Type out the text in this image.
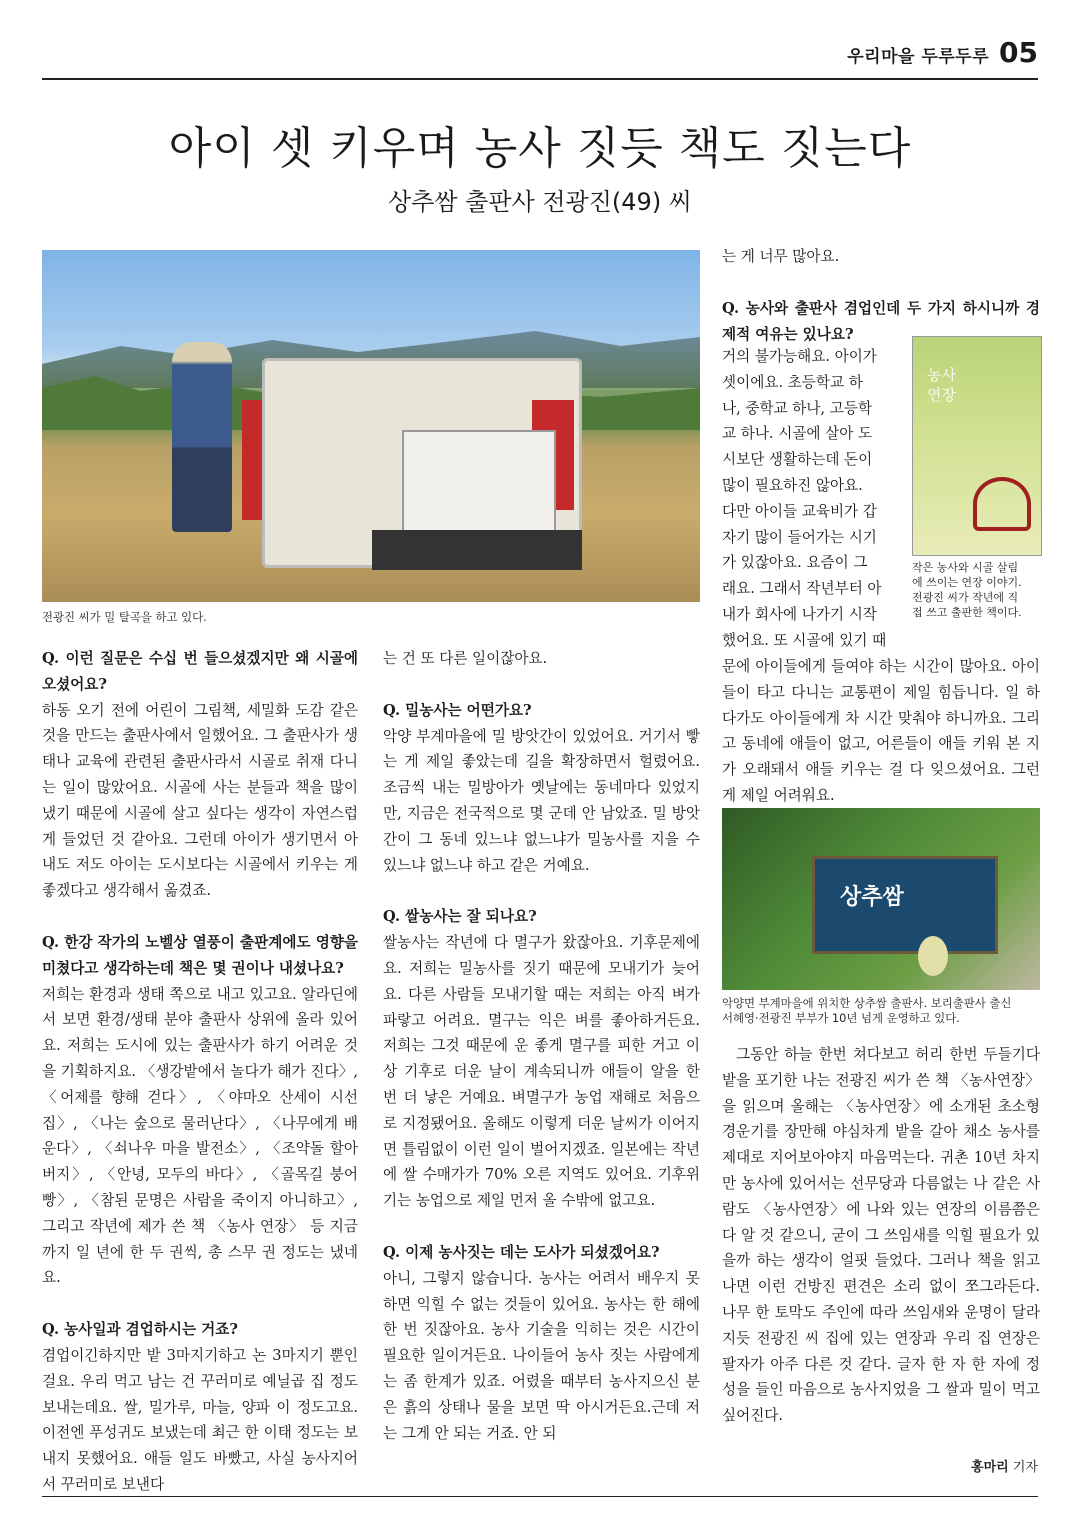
우리마을 두루두루 05
아이 셋 키우며 농사 짓듯 책도 짓는다
상추쌈 출판사 전광진(49) 씨
전광진 씨가 밀 탈곡을 하고 있다.

Q. 이런 질문은 수십 번 들으셨겠지만 왜 시골에 오셨어요?

하동 오기 전에 어린이 그림책, 세밀화 도감 같은 것을 만드는 출판사에서 일했어요. 그 출판사가 생태나 교육에 관련된 출판사라서 시골로 취재 다니는 일이 많았어요. 시골에 사는 분들과 책을 많이 냈기 때문에 시골에 살고 싶다는 생각이 자연스럽게 들었던 것 같아요. 그런데 아이가 생기면서 아내도 저도 아이는 도시보다는 시골에서 키우는 게 좋겠다고 생각해서 옮겼죠.

Q. 한강 작가의 노벨상 열풍이 출판계에도 영향을 미쳤다고 생각하는데 책은 몇 권이나 내셨나요?

저희는 환경과 생태 쪽으로 내고 있고요. 알라딘에서 보면 환경/생태 분야 출판사 상위에 올라 있어요. 저희는 도시에 있는 출판사가 하기 어려운 것을 기획하지요. 〈생강밭에서 놀다가 해가 진다〉, 〈어제를 향해 걷다〉, 〈야마오 산세이 시선집〉, 〈나는 숲으로 물러난다〉, 〈나무에게 배운다〉, 〈쇠나우 마을 발전소〉, 〈조약돌 할아버지〉, 〈안녕, 모두의 바다〉, 〈골목길 붕어빵〉, 〈참된 문명은 사람을 죽이지 아니하고〉, 그리고 작년에 제가 쓴 책 〈농사 연장〉 등 지금까지 일 년에 한 두 권씩, 총 스무 권 정도는 냈네요.

Q. 농사일과 겸업하시는 거죠?

겸업이긴하지만 밭 3마지기하고 논 3마지기 뿐인 걸요. 우리 먹고 남는 건 꾸러미로 예닐곱 집 정도 보내는데요. 쌀, 밀가루, 마늘, 양파 이 정도고요. 이전엔 푸성귀도 보냈는데 최근 한 이태 정도는 보내지 못했어요. 애들 일도 바빴고, 사실 농사지어서 꾸러미로 보낸다

는 건 또 다른 일이잖아요.

Q. 밀농사는 어떤가요?

악양 부계마을에 밀 방앗간이 있었어요. 거기서 빻는 게 제일 좋았는데 길을 확장하면서 헐렸어요. 조금씩 내는 밀방아가 옛날에는 동네마다 있었지만, 지금은 전국적으로 몇 군데 안 남았죠. 밀 방앗간이 그 동네 있느냐 없느냐가 밀농사를 지을 수 있느냐 없느냐 하고 같은 거예요.

Q. 쌀농사는 잘 되나요?

쌀농사는 작년에 다 멸구가 왔잖아요. 기후문제에요. 저희는 밀농사를 짓기 때문에 모내기가 늦어요. 다른 사람들 모내기할 때는 저희는 아직 벼가 파랗고 어려요. 멸구는 익은 벼를 좋아하거든요. 저희는 그것 때문에 운 좋게 멸구를 피한 거고 이상 기후로 더운 날이 계속되니까 애들이 알을 한 번 더 낳은 거예요. 벼멸구가 농업 재해로 처음으로 지정됐어요. 올해도 이렇게 더운 날씨가 이어지면 틀림없이 이런 일이 벌어지겠죠. 일본에는 작년에 쌀 수매가가 70% 오른 지역도 있어요. 기후위기는 농업으로 제일 먼저 올 수밖에 없고요.

Q. 이제 농사짓는 데는 도사가 되셨겠어요?

아니, 그렇지 않습니다. 농사는 어려서 배우지 못하면 익힐 수 없는 것들이 있어요. 농사는 한 해에 한 번 짓잖아요. 농사 기술을 익히는 것은 시간이 필요한 일이거든요. 나이들어 농사 짓는 사람에게는 좀 한계가 있죠. 어렸을 때부터 농사지으신 분은 흙의 상태나 물을 보면 딱 아시거든요.근데 저는 그게 안 되는 거죠. 안 되

는 게 너무 많아요.

Q. 농사와 출판사 겸업인데 두 가지 하시니까 경제적 여유는 있나요?

거의 불가능해요. 아이가

셋이에요. 초등학교 하

나, 중학교 하나, 고등학

교 하나. 시골에 살아 도

시보단 생활하는데 돈이

많이 필요하진 않아요.

다만 아이들 교육비가 갑

자기 많이 들어가는 시기

가 있잖아요. 요즘이 그

래요. 그래서 작년부터 아

내가 회사에 나가기 시작

했어요. 또 시골에 있기 때

농사
연장
작은 농사와 시골 살림
에 쓰이는 연장 이야기.
전광진 씨가 작년에 직
접 쓰고 출판한 책이다.

문에 아이들에게 들여야 하는 시간이 많아요. 아이들이 타고 다니는 교통편이 제일 힘듭니다. 일 하다가도 아이들에게 차 시간 맞춰야 하니까요. 그리고 동네에 애들이 없고, 어른들이 애들 키워 본 지가 오래돼서 애들 키우는 걸 다 잊으셨어요. 그런 게 제일 어려워요.

상추쌈
악양면 부계마을에 위치한 상추쌈 출판사. 보리출판사 출신
서혜영·전광진 부부가 10년 넘게 운영하고 있다.

그동안 하늘 한번 쳐다보고 허리 한번 두들기다 밭을 포기한 나는 전광진 씨가 쓴 책 〈농사연장〉을 읽으며 올해는 〈농사연장〉에 소개된 초소형 경운기를 장만해 야심차게 밭을 갈아 채소 농사를 제대로 지어보아야지 마음먹는다. 귀촌 10년 차지만 농사에 있어서는 선무당과 다름없는 나 같은 사람도 〈농사연장〉에 나와 있는 연장의 이름쯤은 다 알 것 같으니, 굳이 그 쓰임새를 익힐 필요가 있을까 하는 생각이 얼핏 들었다. 그러나 책을 읽고 나면 이런 건방진 편견은 소리 없이 쪼그라든다. 나무 한 토막도 주인에 따라 쓰임새와 운명이 달라지듯 전광진 씨 집에 있는 연장과 우리 집 연장은 팔자가 아주 다른 것 같다. 글자 한 자 한 자에 정성을 들인 마음으로 농사지었을 그 쌀과 밀이 먹고 싶어진다.

홍마리 기자
